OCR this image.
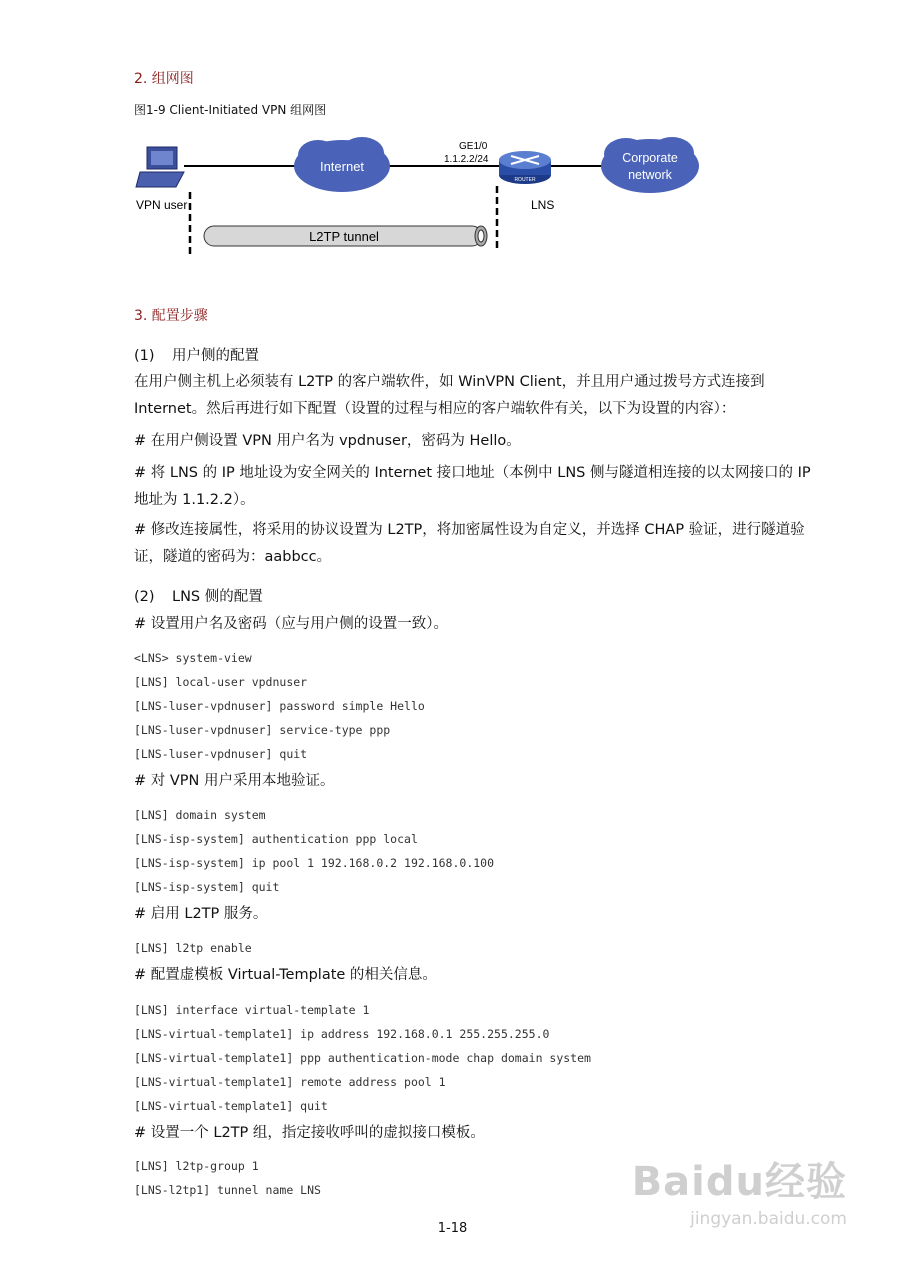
2. 组网图
图1-9 Client-Initiated VPN 组网图
VPN user
Internet
GE1/0
1.1.2.2/24
ROUTER
LNS
Corporate
network
L2TP tunnel
3. 配置步骤
(1) 用户侧的配置
在用户侧主机上必须装有 L2TP 的客户端软件，如 WinVPN Client，并且用户通过拨号方式连接到 Internet。然后再进行如下配置（设置的过程与相应的客户端软件有关，以下为设置的内容）：
# 在用户侧设置 VPN 用户名为 vpdnuser，密码为 Hello。
# 将 LNS 的 IP 地址设为安全网关的 Internet 接口地址（本例中 LNS 侧与隧道相连接的以太网接口的 IP 地址为 1.1.2.2）。
# 修改连接属性，将采用的协议设置为 L2TP，将加密属性设为自定义，并选择 CHAP 验证，进行隧道验证，隧道的密码为：aabbcc。
(2) LNS 侧的配置
# 设置用户名及密码（应与用户侧的设置一致）。
<LNS> system-view
[LNS] local-user vpdnuser
[LNS-luser-vpdnuser] password simple Hello
[LNS-luser-vpdnuser] service-type ppp
[LNS-luser-vpdnuser] quit
# 对 VPN 用户采用本地验证。
[LNS] domain system
[LNS-isp-system] authentication ppp local
[LNS-isp-system] ip pool 1 192.168.0.2 192.168.0.100
[LNS-isp-system] quit
# 启用 L2TP 服务。
[LNS] l2tp enable
# 配置虚模板 Virtual-Template 的相关信息。
[LNS] interface virtual-template 1
[LNS-virtual-template1] ip address 192.168.0.1 255.255.255.0
[LNS-virtual-template1] ppp authentication-mode chap domain system
[LNS-virtual-template1] remote address pool 1
[LNS-virtual-template1] quit
# 设置一个 L2TP 组，指定接收呼叫的虚拟接口模板。
[LNS] l2tp-group 1
[LNS-l2tp1] tunnel name LNS
1-18
Baidu经验
jingyan.baidu.com
